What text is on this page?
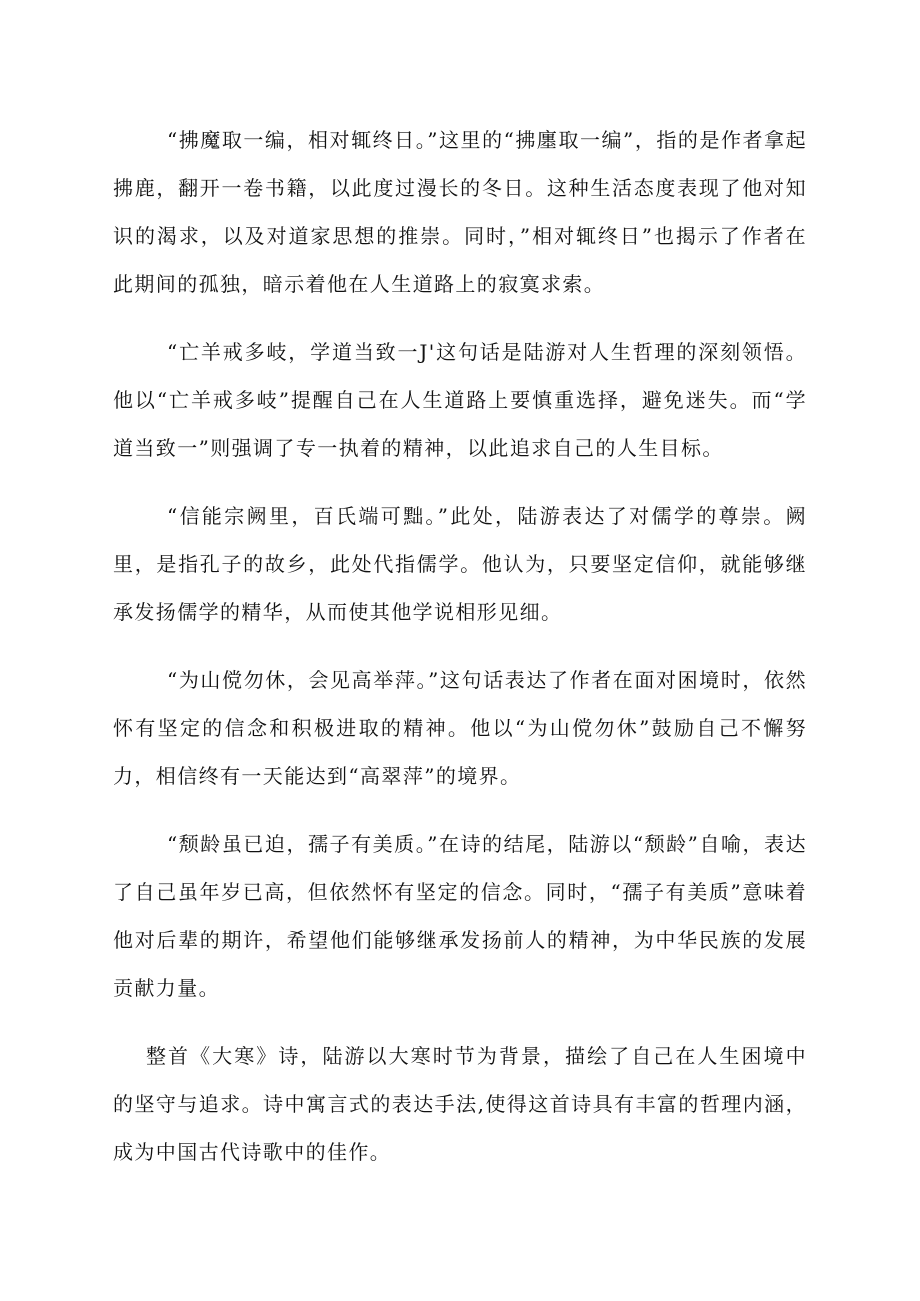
“拂魔取一编，相对辄终日。”这里的“拂廛取一编”，指的是作者拿起拂鹿，翻开一卷书籍，以此度过漫长的冬日。这种生活态度表现了他对知识的渴求，以及对道家思想的推崇。同时，”相对辄终日”也揭示了作者在此期间的孤独，暗示着他在人生道路上的寂寞求索。

“亡羊戒多岐，学道当致一J'这句话是陆游对人生哲理的深刻领悟。他以“亡羊戒多岐”提醒自己在人生道路上要慎重选择，避免迷失。而“学道当致一”则强调了专一执着的精神，以此追求自己的人生目标。

“信能宗阙里，百氏端可黜。”此处，陆游表达了对儒学的尊崇。阙里，是指孔子的故乡，此处代指儒学。他认为，只要坚定信仰，就能够继承发扬儒学的精华，从而使其他学说相形见细。

“为山傥勿休，会见高举萍。”这句话表达了作者在面对困境时，依然怀有坚定的信念和积极进取的精神。他以“为山傥勿休”鼓励自己不懈努力，相信终有一天能达到“高翠萍”的境界。

“颓龄虽已迫，孺子有美质。”在诗的结尾，陆游以“颓龄”自喻，表达了自己虽年岁已高，但依然怀有坚定的信念。同时，“孺子有美质”意味着他对后辈的期许，希望他们能够继承发扬前人的精神，为中华民族的发展贡献力量。

整首《大寒》诗，陆游以大寒时节为背景，描绘了自己在人生困境中的坚守与追求。诗中寓言式的表达手法,使得这首诗具有丰富的哲理内涵，成为中国古代诗歌中的佳作。
